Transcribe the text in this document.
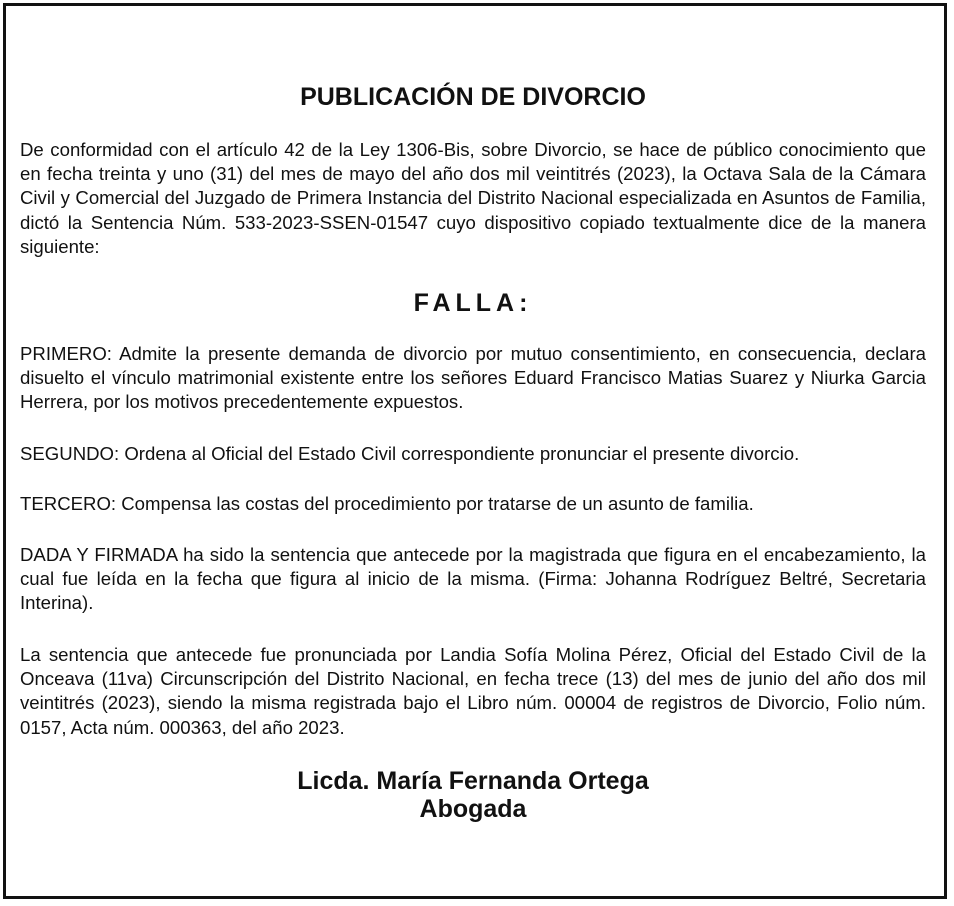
PUBLICACIÓN DE DIVORCIO

De conformidad con el artículo 42 de la Ley 1306-Bis, sobre Divorcio, se hace de público conocimiento que en fecha treinta y uno (31) del mes de mayo del año dos mil veintitrés (2023), la Octava Sala de la Cámara Civil y Comercial del Juzgado de Primera Instancia del Distrito Nacional especializada en Asuntos de Familia, dictó la Sentencia Núm. 533-2023-SSEN-01547 cuyo dispositivo copiado textualmente dice de la manera siguiente:

FALLA:

PRIMERO: Admite la presente demanda de divorcio por mutuo consentimiento, en consecuencia, declara disuelto el vínculo matrimonial existente entre los señores Eduard Francisco Matias Suarez y Niurka Garcia Herrera, por los motivos precedentemente expuestos.

SEGUNDO: Ordena al Oficial del Estado Civil correspondiente pronunciar el presente divorcio.

TERCERO: Compensa las costas del procedimiento por tratarse de un asunto de familia.

DADA Y FIRMADA ha sido la sentencia que antecede por la magistrada que figura en el encabezamiento, la cual fue leída en la fecha que figura al inicio de la misma. (Firma: Johanna Rodríguez Beltré, Secretaria Interina).

La sentencia que antecede fue pronunciada por Landia Sofía Molina Pérez, Oficial del Estado Civil de la Onceava (11va) Circunscripción del Distrito Nacional, en fecha trece (13) del mes de junio del año dos mil veintitrés (2023), siendo la misma registrada bajo el Libro núm. 00004 de registros de Divorcio, Folio núm. 0157, Acta núm. 000363, del año 2023.

Licda. María Fernanda Ortega

Abogada
